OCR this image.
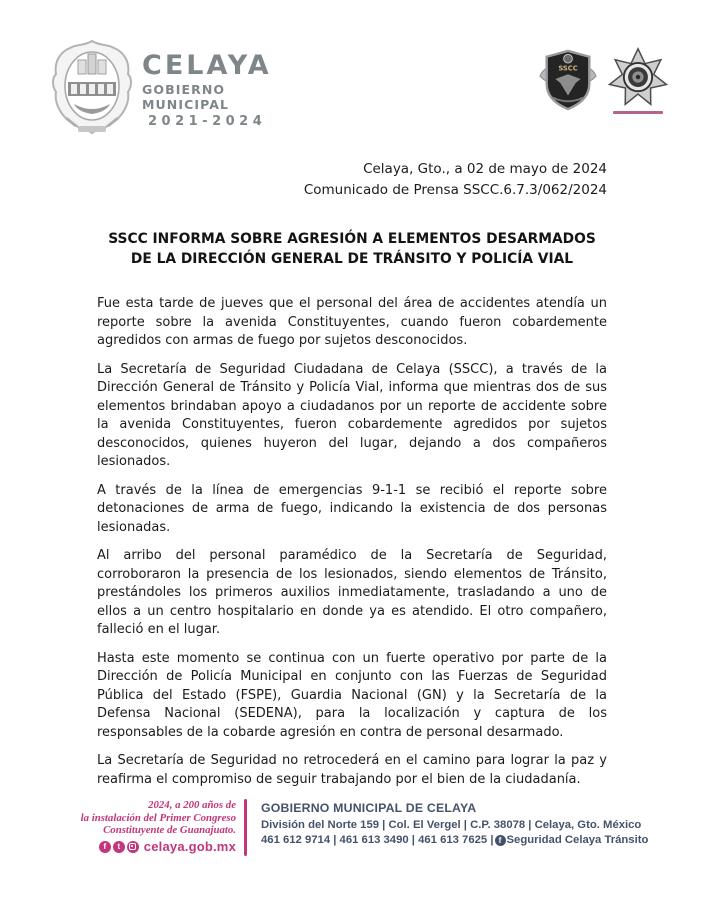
CELAYA
GOBIERNO MUNICIPAL
2021-2024
SSCC
Celaya, Gto., a 02 de mayo de 2024
Comunicado de Prensa SSCC.6.7.3/062/2024
SSCC INFORMA SOBRE AGRESIÓN A ELEMENTOS DESARMADOS DE LA DIRECCIÓN GENERAL DE TRÁNSITO Y POLICÍA VIAL

Fue esta tarde de jueves que el personal del área de accidentes atendía un reporte sobre la avenida Constituyentes, cuando fueron cobardemente agredidos con armas de fuego por sujetos desconocidos.

La Secretaría de Seguridad Ciudadana de Celaya (SSCC), a través de la Dirección General de Tránsito y Policía Vial, informa que mientras dos de sus elementos brindaban apoyo a ciudadanos por un reporte de accidente sobre la avenida Constituyentes, fueron cobardemente agredidos por sujetos desconocidos, quienes huyeron del lugar, dejando a dos compañeros lesionados.

A través de la línea de emergencias 9-1-1 se recibió el reporte sobre detonaciones de arma de fuego, indicando la existencia de dos personas lesionadas.

Al arribo del personal paramédico de la Secretaría de Seguridad, corroboraron la presencia de los lesionados, siendo elementos de Tránsito, prestándoles los primeros auxilios inmediatamente, trasladando a uno de ellos a un centro hospitalario en donde ya es atendido. El otro compañero, falleció en el lugar.

Hasta este momento se continua con un fuerte operativo por parte de la Dirección de Policía Municipal en conjunto con las Fuerzas de Seguridad Pública del Estado (FSPE), Guardia Nacional (GN) y la Secretaría de la Defensa Nacional (SEDENA), para la localización y captura de los responsables de la cobarde agresión en contra de personal desarmado.

La Secretaría de Seguridad no retrocederá en el camino para lograr la paz y reafirma el compromiso de seguir trabajando por el bien de la ciudadanía.

2024, a 200 años de
la instalación del Primer Congreso
Constituyente de Guanajuato.
f	t	celaya.gob.mx
GOBIERNO MUNICIPAL DE CELAYA
División del Norte 159 | Col. El Vergel | C.P. 38078 | Celaya, Gto. México
461 612 9714 | 461 613 3490 | 461 613 7625 | f Seguridad Celaya Tránsito
